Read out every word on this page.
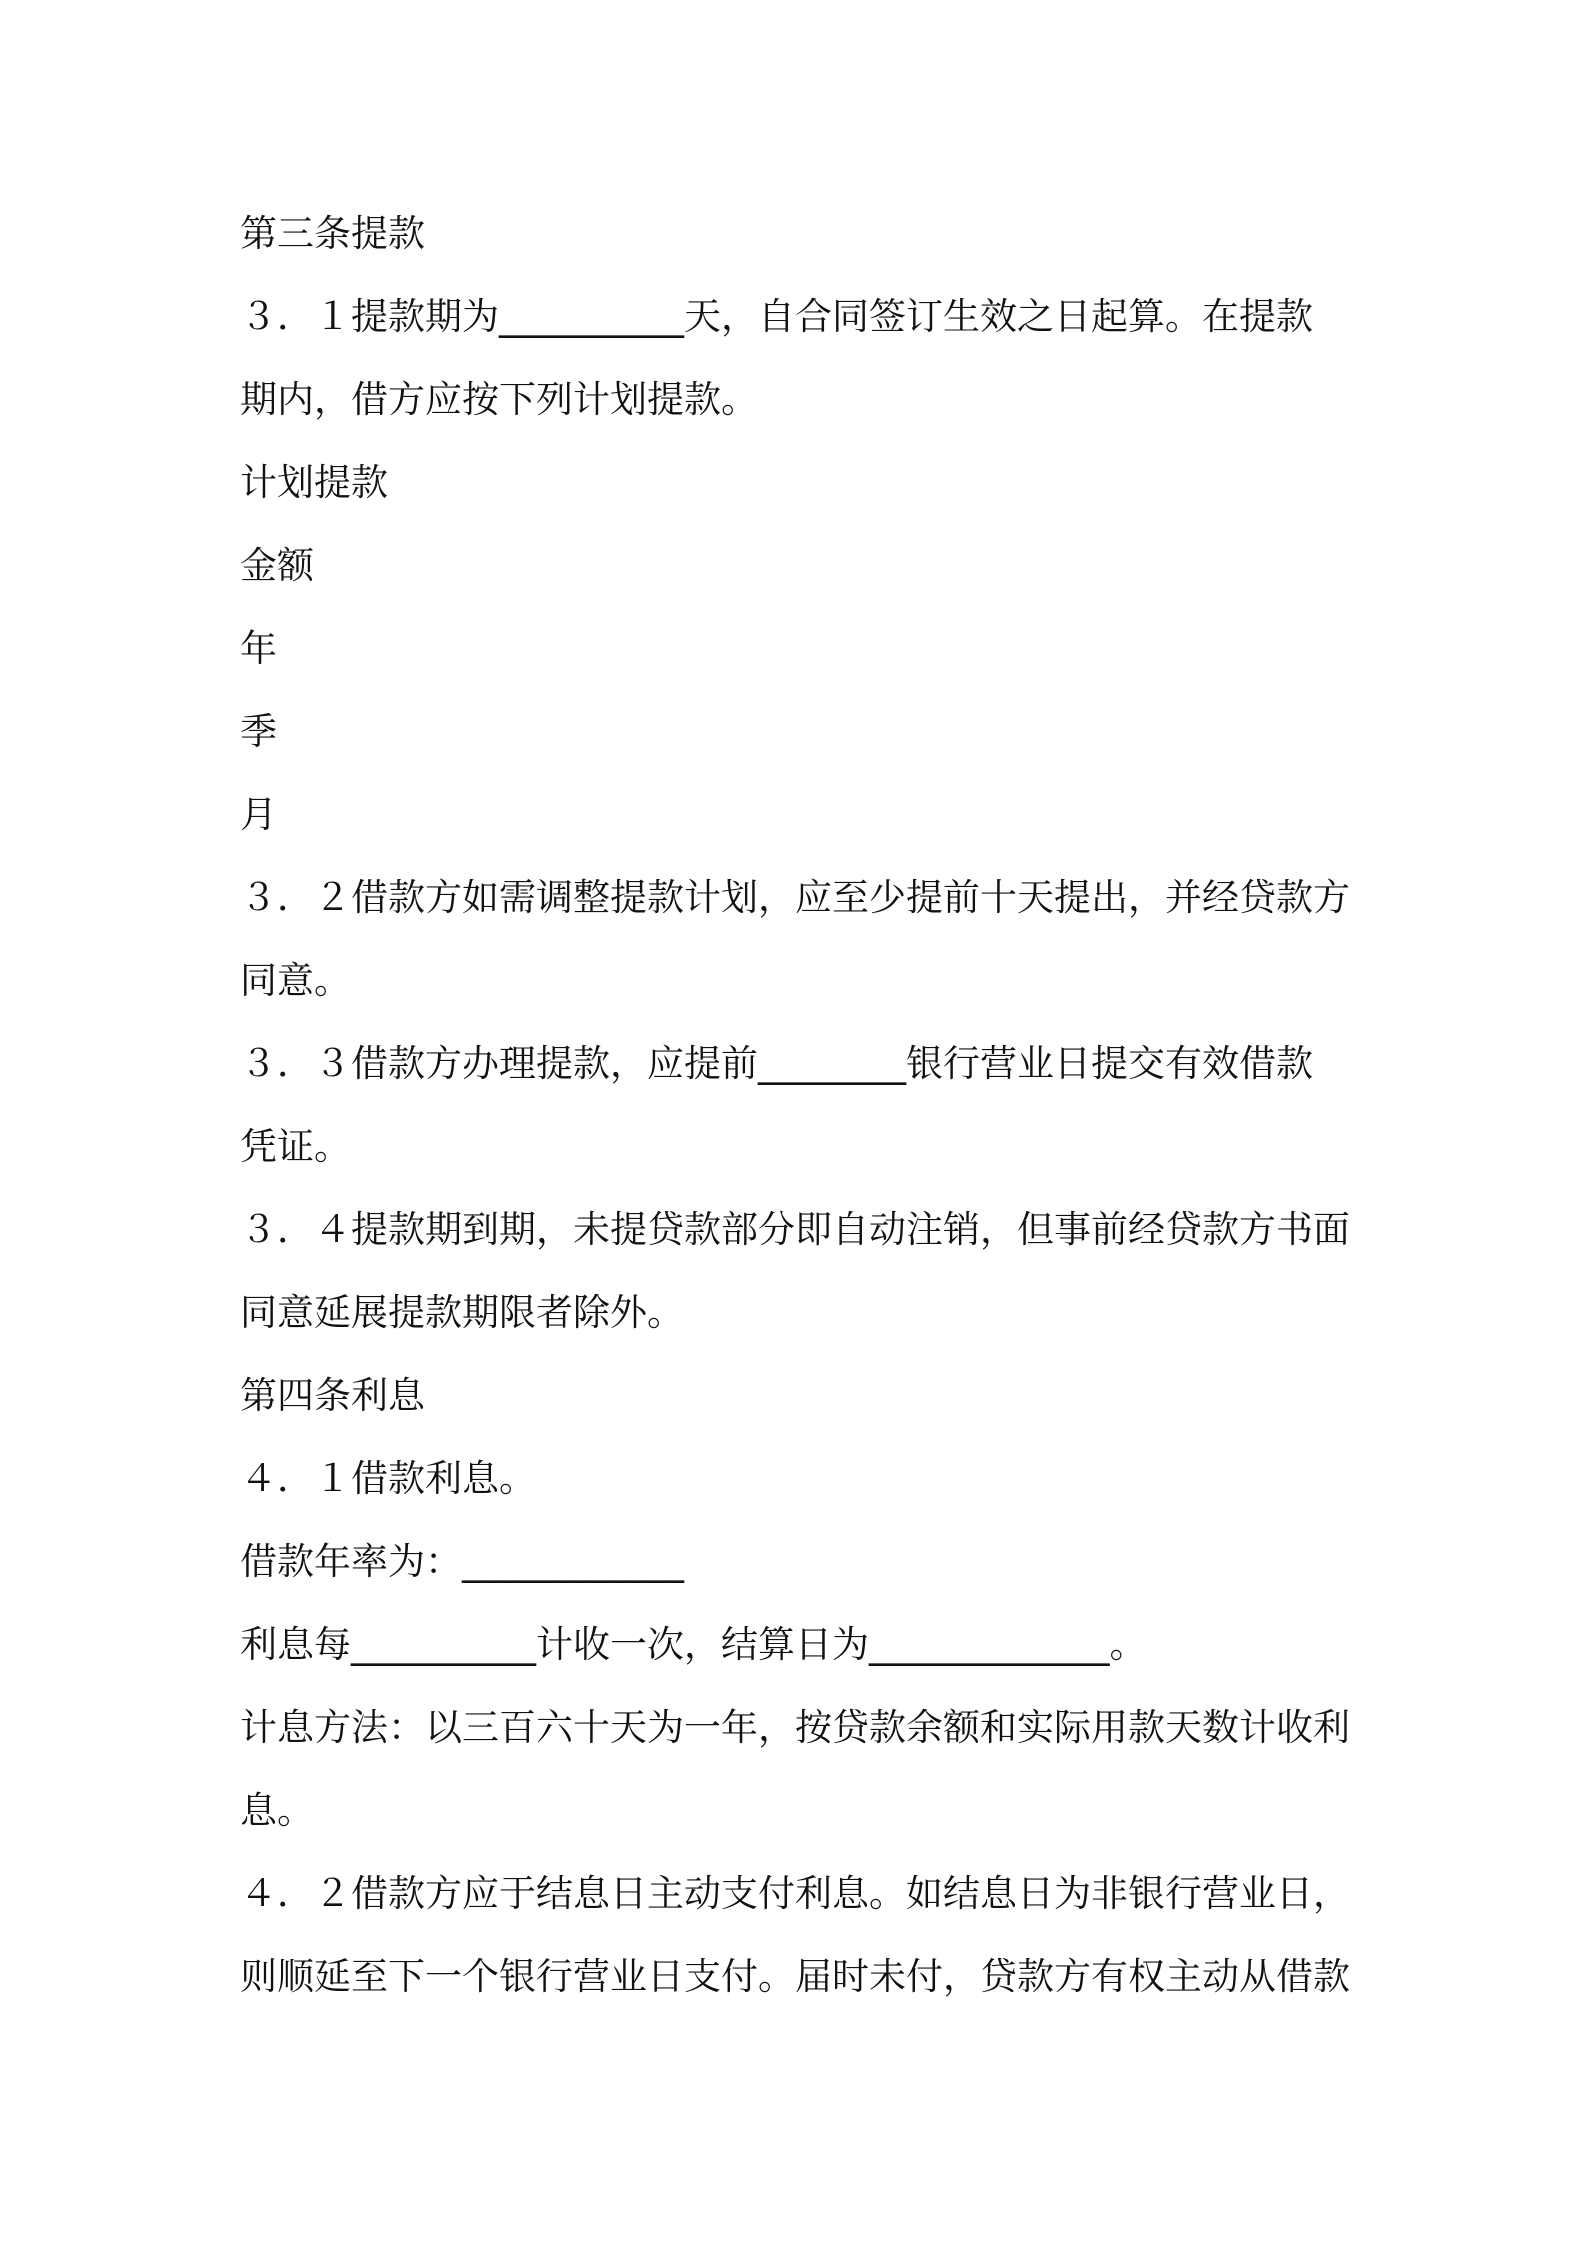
第三条提款
３．１提款期为__________天，自合同签订生效之日起算。在提款
期内，借方应按下列计划提款。
计划提款
金额
年
季
月
３．２借款方如需调整提款计划，应至少提前十天提出，并经贷款方
同意。
３．３借款方办理提款，应提前________银行营业日提交有效借款
凭证。
３．４提款期到期，未提贷款部分即自动注销，但事前经贷款方书面
同意延展提款期限者除外。
第四条利息
４．１借款利息。
借款年率为：____________
利息每__________计收一次，结算日为_____________。
计息方法：以三百六十天为一年，按贷款余额和实际用款天数计收利
息。
４．２借款方应于结息日主动支付利息。如结息日为非银行营业日，
则顺延至下一个银行营业日支付。届时未付，贷款方有权主动从借款
